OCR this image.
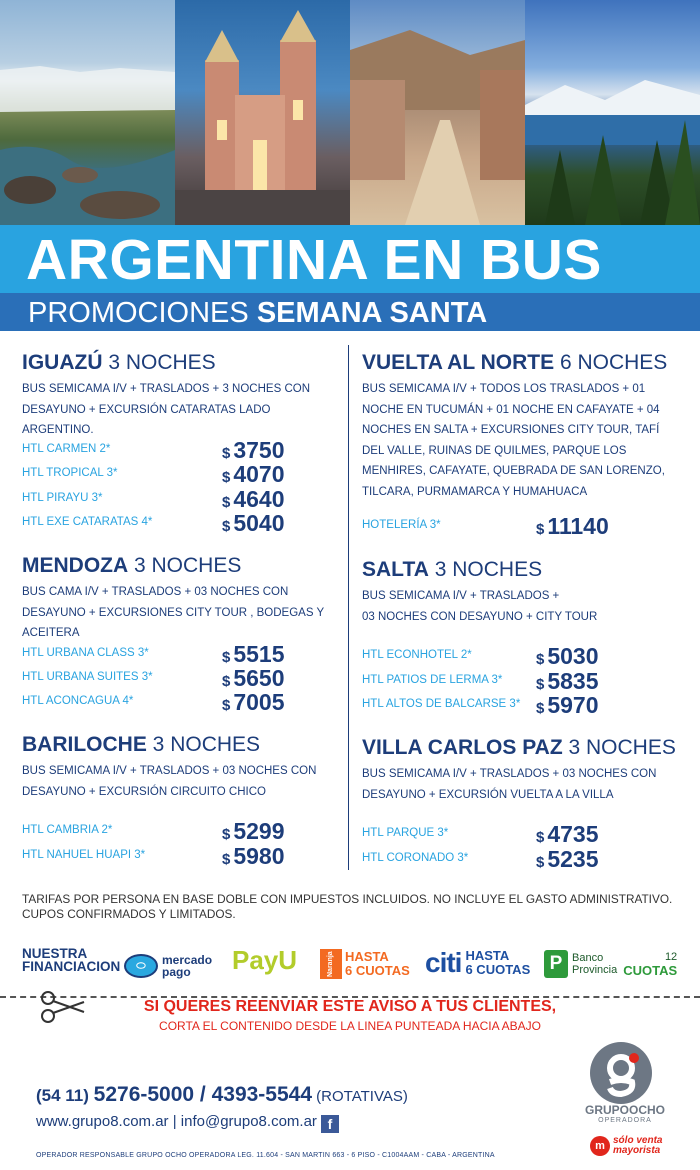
ARGENTINA EN BUS
PROMOCIONES SEMANA SANTA
IGUAZÚ 3 NOCHES
BUS SEMICAMA I/V + TRASLADOS + 3 NOCHES CON DESAYUNO + EXCURSIÓN CATARATAS LADO ARGENTINO.
HTL CARMEN 2*	$ 3750
HTL TROPICAL 3*	$ 4070
HTL PIRAYU 3*	$ 4640
HTL EXE CATARATAS 4*	$ 5040
MENDOZA 3 NOCHES
BUS CAMA I/V + TRASLADOS + 03 NOCHES CON DESAYUNO + EXCURSIONES CITY TOUR , BODEGAS Y ACEITERA
HTL URBANA CLASS 3*	$ 5515
HTL URBANA SUITES 3*	$ 5650
HTL ACONCAGUA 4*	$ 7005
BARILOCHE 3 NOCHES
BUS SEMICAMA I/V + TRASLADOS + 03 NOCHES CON DESAYUNO + EXCURSIÓN CIRCUITO CHICO
HTL CAMBRIA 2*	$ 5299
HTL NAHUEL HUAPI 3*	$ 5980
VUELTA AL NORTE 6 NOCHES
BUS SEMICAMA I/V + TODOS LOS TRASLADOS + 01 NOCHE EN TUCUMÁN + 01 NOCHE EN CAFAYATE + 04 NOCHES EN SALTA + EXCURSIONES CITY TOUR, TAFÍ DEL VALLE, RUINAS DE QUILMES, PARQUE LOS MENHIRES, CAFAYATE, QUEBRADA DE SAN LORENZO, TILCARA, PURMAMARCA Y HUMAHUACA
HOTELERÍA 3*	$ 11140
SALTA 3 NOCHES
BUS SEMICAMA I/V + TRASLADOS +
03 NOCHES CON DESAYUNO + CITY TOUR
HTL ECONHOTEL 2*	$ 5030
HTL PATIOS DE LERMA 3* $ 5835
HTL ALTOS DE BALCARSE 3* $ 5970
VILLA CARLOS PAZ 3 NOCHES
BUS SEMICAMA I/V + TRASLADOS + 03 NOCHES CON DESAYUNO + EXCURSIÓN VUELTA A LA VILLA
HTL PARQUE 3*	$ 4735
HTL CORONADO 3*	$ 5235
TARIFAS POR PERSONA EN BASE DOBLE CON IMPUESTOS INCLUIDOS. NO INCLUYE EL GASTO ADMINISTRATIVO.
CUPOS CONFIRMADOS Y LIMITADOS.
NUESTRA
FINANCIACION	⬭	mercado
pago	PayU	Naranja HASTA
6 CUOTAS citi HASTA
6 CUOTAS P Banco
Provincia
12
CUOTAS
SI QUERES REENVIAR ESTE AVISO A TUS CLIENTES,
CORTA EL CONTENIDO DESDE LA LINEA PUNTEADA HACIA ABAJO
(54 11) 5276-5000 / 4393-5544 (ROTATIVAS)
www.grupo8.com.ar | info@grupo8.com.ar f
OPERADOR RESPONSABLE GRUPO OCHO OPERADORA LEG. 11.604 - SAN MARTIN 663 - 6 PISO - C1004AAM - CABA - ARGENTINA
GRUPOOCHO
OPERADORA
m sólo venta
mayorista
